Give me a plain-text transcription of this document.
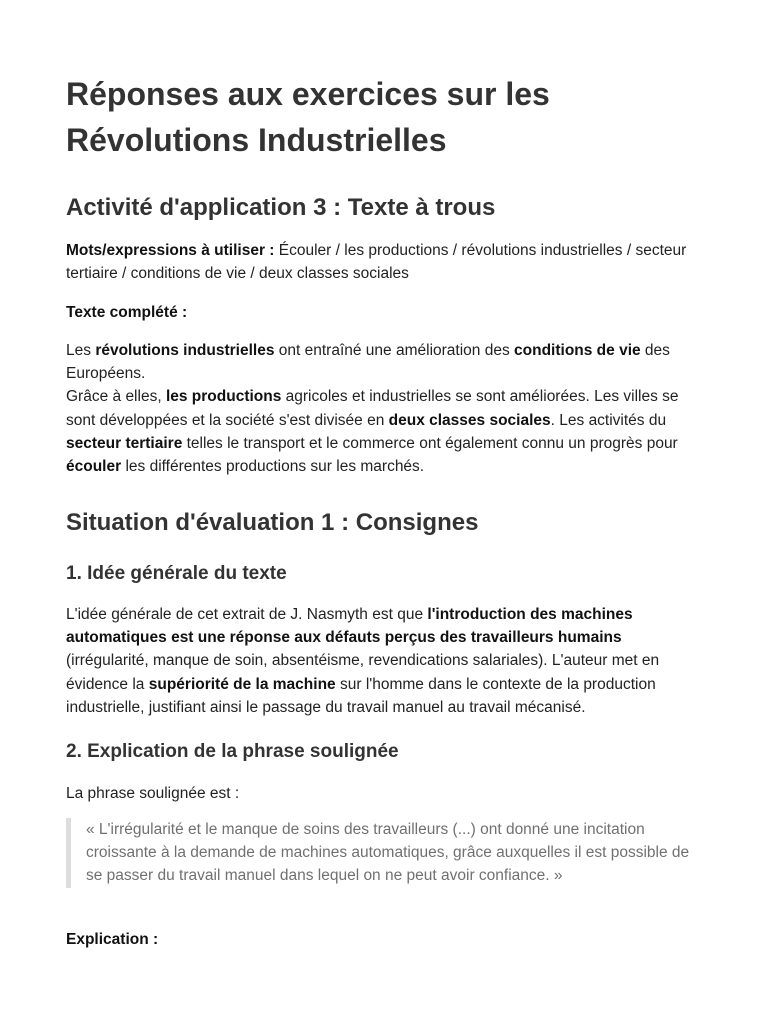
Réponses aux exercices sur les Révolutions Industrielles
Activité d'application 3 : Texte à trous

Mots/expressions à utiliser : Écouler / les productions / révolutions industrielles / secteur tertiaire / conditions de vie / deux classes sociales

Texte complété :

Les révolutions industrielles ont entraîné une amélioration des conditions de vie des Européens.
Grâce à elles, les productions agricoles et industrielles se sont améliorées. Les villes se sont développées et la société s'est divisée en deux classes sociales. Les activités du secteur tertiaire telles le transport et le commerce ont également connu un progrès pour écouler les différentes productions sur les marchés.

Situation d'évaluation 1 : Consignes
1. Idée générale du texte

L'idée générale de cet extrait de J. Nasmyth est que l'introduction des machines automatiques est une réponse aux défauts perçus des travailleurs humains (irrégularité, manque de soin, absentéisme, revendications salariales). L'auteur met en évidence la supériorité de la machine sur l'homme dans le contexte de la production industrielle, justifiant ainsi le passage du travail manuel au travail mécanisé.

2. Explication de la phrase soulignée

La phrase soulignée est :

« L'irrégularité et le manque de soins des travailleurs (...) ont donné une incitation croissante à la demande de machines automatiques, grâce auxquelles il est possible de se passer du travail manuel dans lequel on ne peut avoir confiance. »

Explication :
